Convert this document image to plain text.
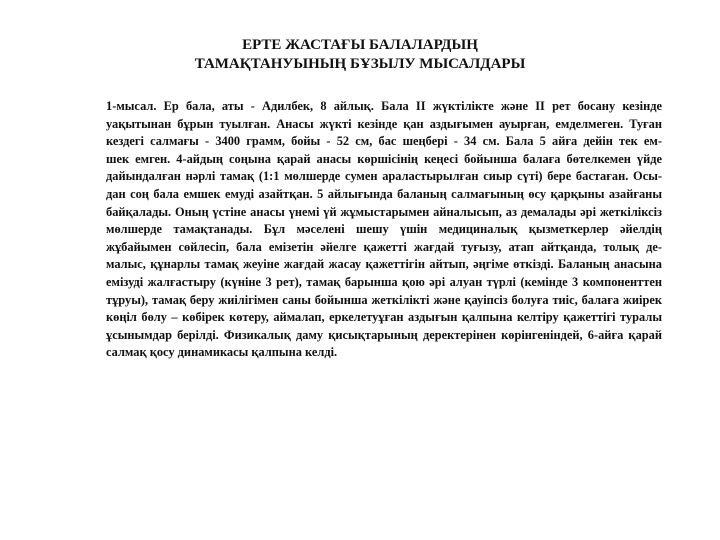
ЕРТЕ ЖАСТАҒЫ БАЛАЛАРДЫҢ
ТАМАҚТАНУЫНЫҢ БҰЗЫЛУ МЫСАЛДАРЫ
1-мысал. Ер бала, аты - Адилбек, 8 айлық. Бала II жүктілікте және II рет босану кезінде
уақытынан бұрын туылған. Анасы жүкті кезінде қан аздығымен ауырған, емделмеген. Туған
кездегі салмағы - 3400 грамм, бойы - 52 см, бас шеңбері - 34 см. Бала 5 айға дейін тек ем-
шек емген. 4-айдың соңына қарай анасы көршісінің кеңесі бойынша балаға бөтелкемен үйде
дайындалған нәрлі тамақ (1:1 мөлшерде сумен араластырылған сиыр сүті) бере бастаған. Осы-
дан соң бала емшек емуді азайтқан. 5 айлығында баланың салмағының өсу қарқыны азайғаны
байқалады. Оның үстіне анасы үнемі үй жұмыстарымен айналысып, аз демалады әрі жеткіліксіз
мөлшерде тамақтанады. Бұл мәселені шешу үшін медициналық қызметкерлер әйелдің
жұбайымен сөйлесіп, бала емізетін әйелге қажетті жағдай туғызу, атап айтқанда, толық де-
малыс, құнарлы тамақ жеуіне жағдай жасау қажеттігін айтып, әңгіме өткізді. Баланың анасына
емізуді жалғастыру (күніне 3 рет), тамақ барынша қою әрі алуан түрлі (кемінде 3 компоненттен
тұруы), тамақ беру жиілігімен саны бойынша жеткілікті және қауіпсіз болуға тиіс, балаға жиірек
көңіл бөлу – көбірек көтеру, аймалап, еркелетуұған аздығын қалпына келтіру қажеттігі туралы
ұсынымдар берілді. Физикалық даму қисықтарының деректерінен көрінгеніндей, 6-айға қарай
салмақ қосу динамикасы қалпына келді.
